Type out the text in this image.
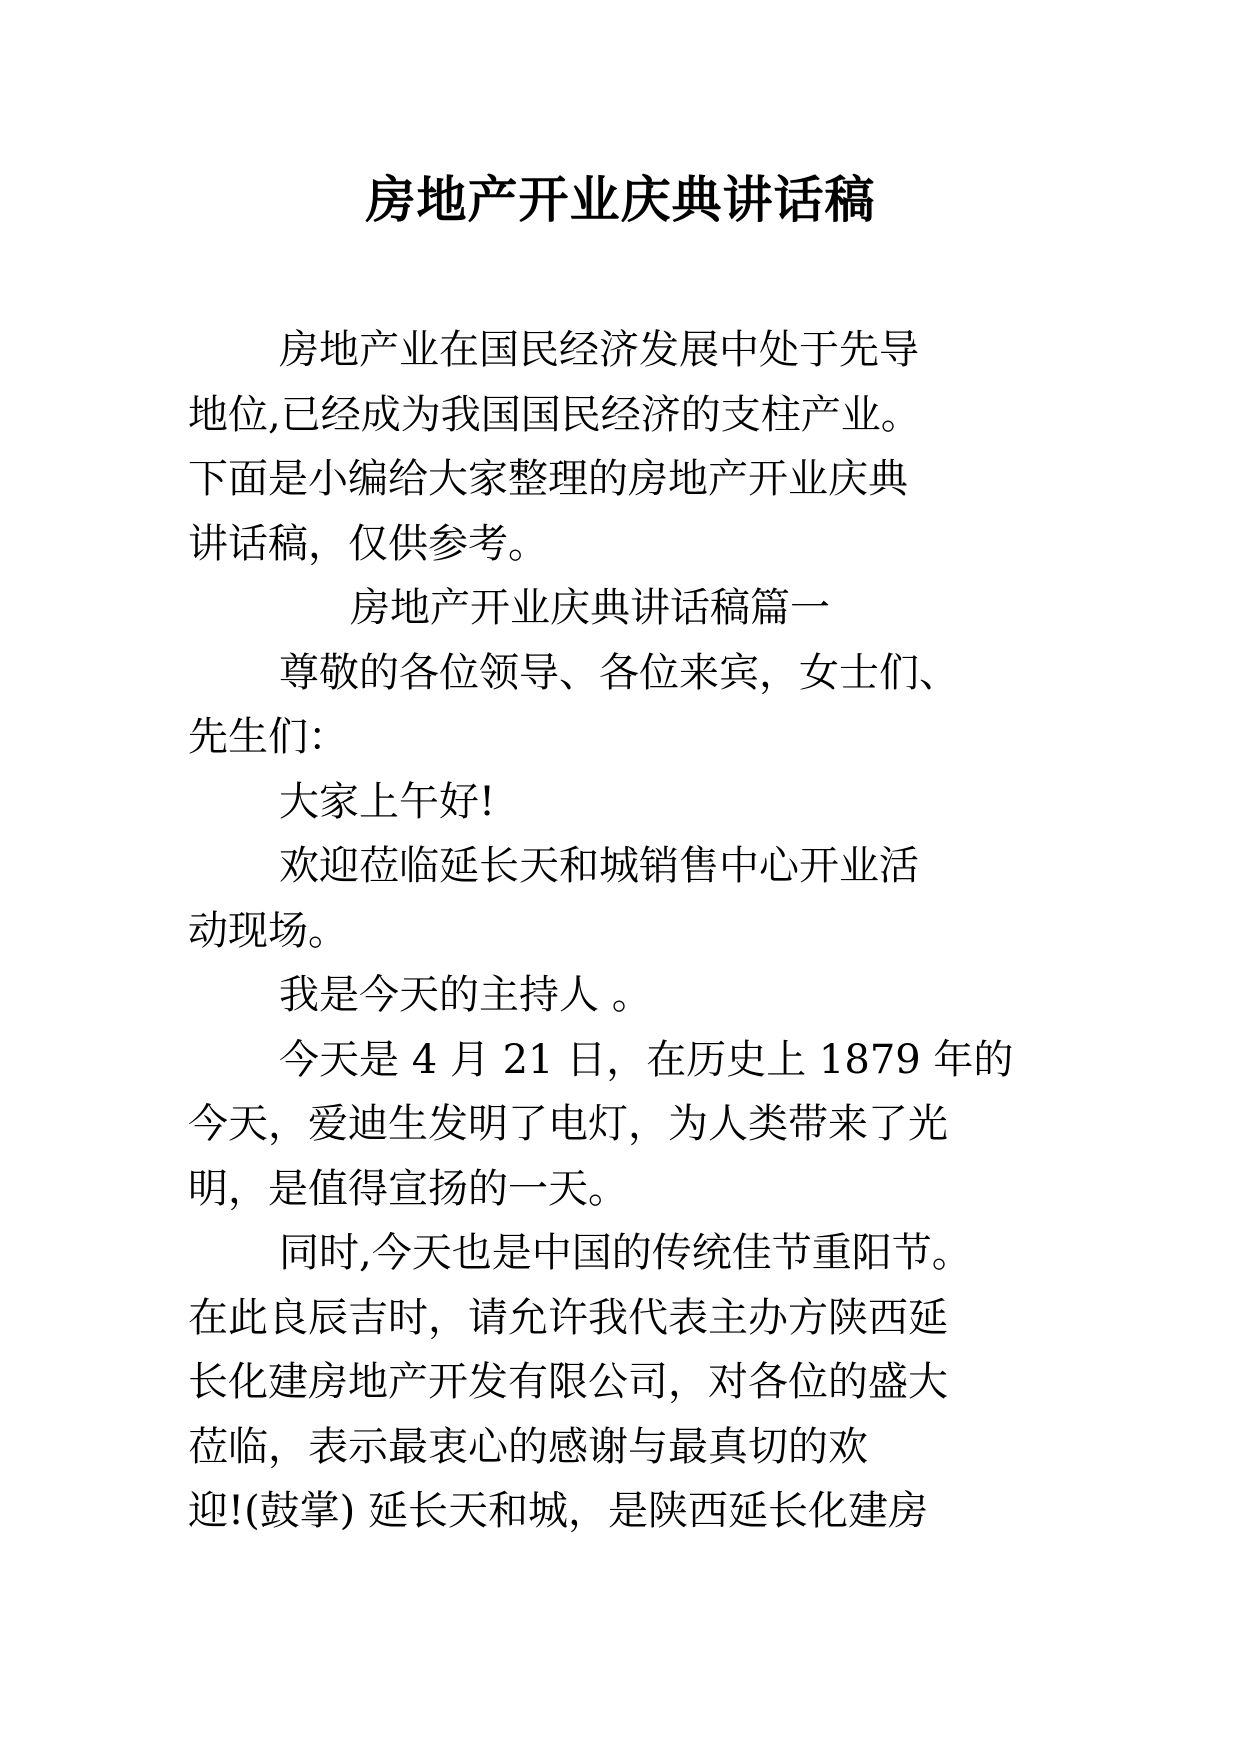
房地产开业庆典讲话稿
房地产业在国民经济发展中处于先导
地位,已经成为我国国民经济的支柱产业。
下面是小编给大家整理的房地产开业庆典
讲话稿，仅供参考。
房地产开业庆典讲话稿篇一
尊敬的各位领导、各位来宾，女士们、
先生们：
大家上午好!
欢迎莅临延长天和城销售中心开业活
动现场。
我是今天的主持人 。
今天是 4 月 21 日，在历史上 1879 年的
今天，爱迪生发明了电灯，为人类带来了光
明，是值得宣扬的一天。
同时,今天也是中国的传统佳节重阳节。
在此良辰吉时，请允许我代表主办方陕西延
长化建房地产开发有限公司，对各位的盛大
莅临，表示最衷心的感谢与最真切的欢
迎!(鼓掌) 延长天和城，是陕西延长化建房
